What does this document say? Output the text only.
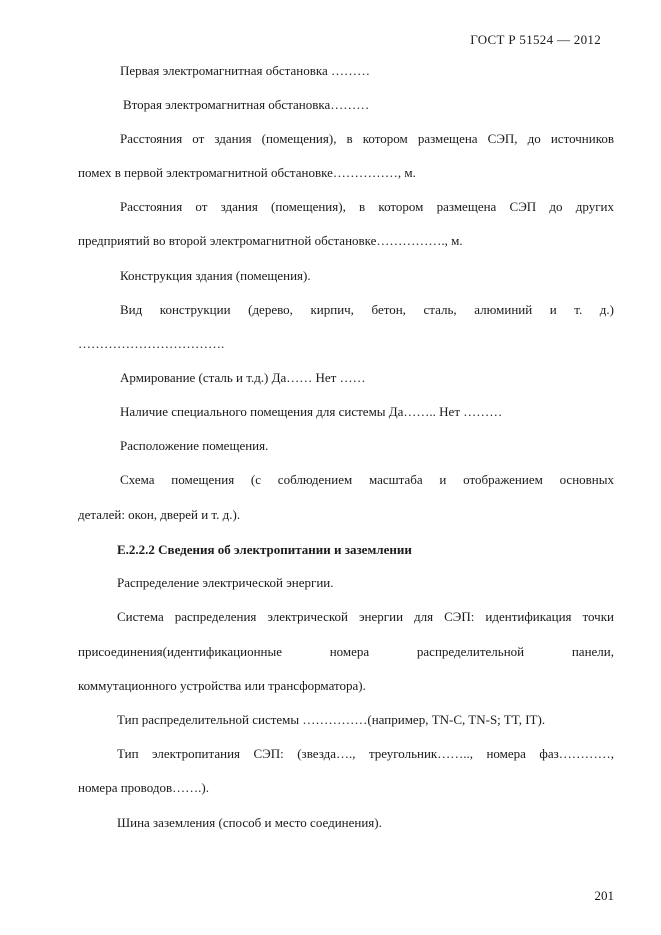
ГОСТ Р 51524 — 2012
Первая электромагнитная обстановка ………
Вторая электромагнитная обстановка………
Расстояния от здания (помещения), в котором размещена СЭП, до источников
помех в первой электромагнитной обстановке……………, м.
Расстояния от здания (помещения), в котором размещена СЭП до других
предприятий во второй электромагнитной обстановке……………., м.
Конструкция здания (помещения).
Вид конструкции (дерево, кирпич, бетон, сталь, алюминий и т. д.)
…………………………….
Армирование (сталь и т.д.) Да…… Нет ……
Наличие специального помещения для системы Да…….. Нет ………
Расположение помещения.
Схема помещения (с соблюдением масштаба и отображением основных
деталей: окон, дверей и т. д.).
Е.2.2.2 Сведения об электропитании и заземлении
Распределение электрической энергии.
Система распределения электрической энергии для СЭП: идентификация точки
присоединения(идентификационные номера распределительной панели,
коммутационного устройства или трансформатора).
Тип распределительной системы ……………(например, TN-C, TN-S; TT, IT).
Тип электропитания СЭП: (звезда…., треугольник…….., номера фаз…………,
номера проводов…….).
Шина заземления (способ и место соединения).
201
